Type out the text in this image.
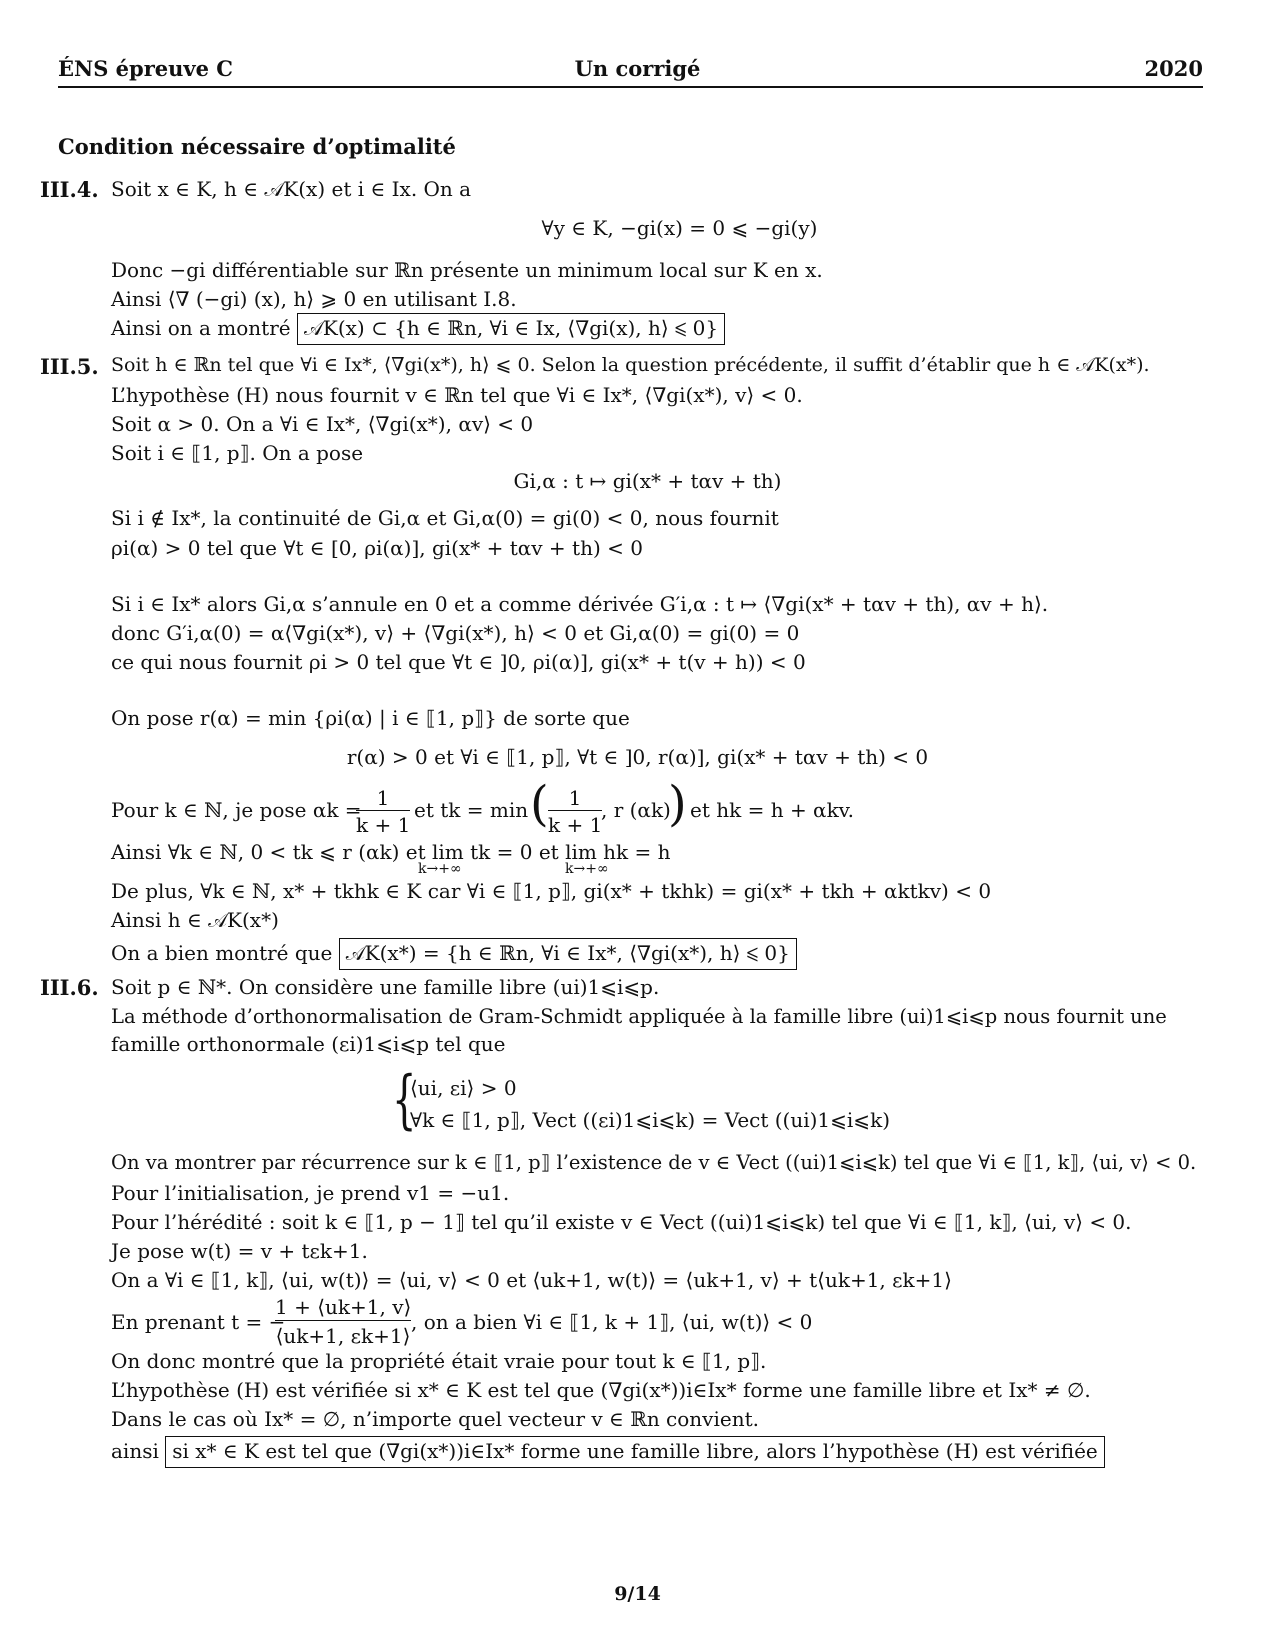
ÉNS épreuve C	Un corrigé	2020
Condition nécessaire d’optimalité
III.4. Soit x ∈ K, h ∈ 𝒜K(x) et i ∈ Ix. On a
∀y ∈ K, −gi(x) = 0 ⩽ −gi(y)
Donc −gi différentiable sur ℝn présente un minimum local sur K en x.
Ainsi ⟨∇ (−gi) (x), h⟩ ⩾ 0 en utilisant I.8.
Ainsi on a montré 𝒜K(x) ⊂ {h ∈ ℝn, ∀i ∈ Ix, ⟨∇gi(x), h⟩ ⩽ 0}
III.5. Soit h ∈ ℝn tel que ∀i ∈ Ix*, ⟨∇gi(x*), h⟩ ⩽ 0. Selon la question précédente, il suffit d’établir que h ∈ 𝒜K(x*).
L’hypothèse (H) nous fournit v ∈ ℝn tel que ∀i ∈ Ix*, ⟨∇gi(x*), v⟩ < 0.
Soit α > 0. On a ∀i ∈ Ix*, ⟨∇gi(x*), αv⟩ < 0
Soit i ∈ ⟦1, p⟧. On a pose
Gi,α : t ↦ gi(x* + tαv + th)
Si i ∉ Ix*, la continuité de Gi,α et Gi,α(0) = gi(0) < 0, nous fournit
ρi(α) > 0 tel que ∀t ∈ [0, ρi(α)], gi(x* + tαv + th) < 0
Si i ∈ Ix* alors Gi,α s’annule en 0 et a comme dérivée G′i,α : t ↦ ⟨∇gi(x* + tαv + th), αv + h⟩.
donc G′i,α(0) = α⟨∇gi(x*), v⟩ + ⟨∇gi(x*), h⟩ < 0 et Gi,α(0) = gi(0) = 0
ce qui nous fournit ρi > 0 tel que ∀t ∈ ]0, ρi(α)], gi(x* + t(v + h)) < 0
On pose r(α) = min {ρi(α) | i ∈ ⟦1, p⟧} de sorte que
r(α) > 0 et ∀i ∈ ⟦1, p⟧, ∀t ∈ ]0, r(α)], gi(x* + tαv + th) < 0
Pour k ∈ ℕ, je pose αk = 1
k + 1
et tk = min ( 1
k + 1
, r (αk)
) et hk = h + αkv.
Ainsi ∀k ∈ ℕ, 0 < tk ⩽ r (αk) et lim tk = 0 et lim hk = h
k→+∞	k→+∞
De plus, ∀k ∈ ℕ, x* + tkhk ∈ K car ∀i ∈ ⟦1, p⟧, gi(x* + tkhk) = gi(x* + tkh + αktkv) < 0
Ainsi h ∈ 𝒜K(x*)
On a bien montré que 𝒜K(x*) = {h ∈ ℝn, ∀i ∈ Ix*, ⟨∇gi(x*), h⟩ ⩽ 0}
III.6. Soit p ∈ ℕ*. On considère une famille libre (ui)1⩽i⩽p.
La méthode d’orthonormalisation de Gram-Schmidt appliquée à la famille libre (ui)1⩽i⩽p nous fournit une
famille orthonormale (εi)1⩽i⩽p tel que
{
⟨ui, εi⟩ > 0
∀k ∈ ⟦1, p⟧, Vect ((εi)1⩽i⩽k) = Vect ((ui)1⩽i⩽k)
On va montrer par récurrence sur k ∈ ⟦1, p⟧ l’existence de v ∈ Vect ((ui)1⩽i⩽k) tel que ∀i ∈ ⟦1, k⟧, ⟨ui, v⟩ < 0.
Pour l’initialisation, je prend v1 = −u1.
Pour l’hérédité : soit k ∈ ⟦1, p − 1⟧ tel qu’il existe v ∈ Vect ((ui)1⩽i⩽k) tel que ∀i ∈ ⟦1, k⟧, ⟨ui, v⟩ < 0.
Je pose w(t) = v + tεk+1.
On a ∀i ∈ ⟦1, k⟧, ⟨ui, w(t)⟩ = ⟨ui, v⟩ < 0 et ⟨uk+1, w(t)⟩ = ⟨uk+1, v⟩ + t⟨uk+1, εk+1⟩
En prenant t = −
1 + ⟨uk+1, v⟩
⟨uk+1, εk+1⟩
, on a bien ∀i ∈ ⟦1, k + 1⟧, ⟨ui, w(t)⟩ < 0
On donc montré que la propriété était vraie pour tout k ∈ ⟦1, p⟧.
L’hypothèse (H) est vérifiée si x* ∈ K est tel que (∇gi(x*))i∈Ix* forme une famille libre et Ix* ≠ ∅.
Dans le cas où Ix* = ∅, n’importe quel vecteur v ∈ ℝn convient.
ainsi si x* ∈ K est tel que (∇gi(x*))i∈Ix* forme une famille libre, alors l’hypothèse (H) est vérifiée
9/14
